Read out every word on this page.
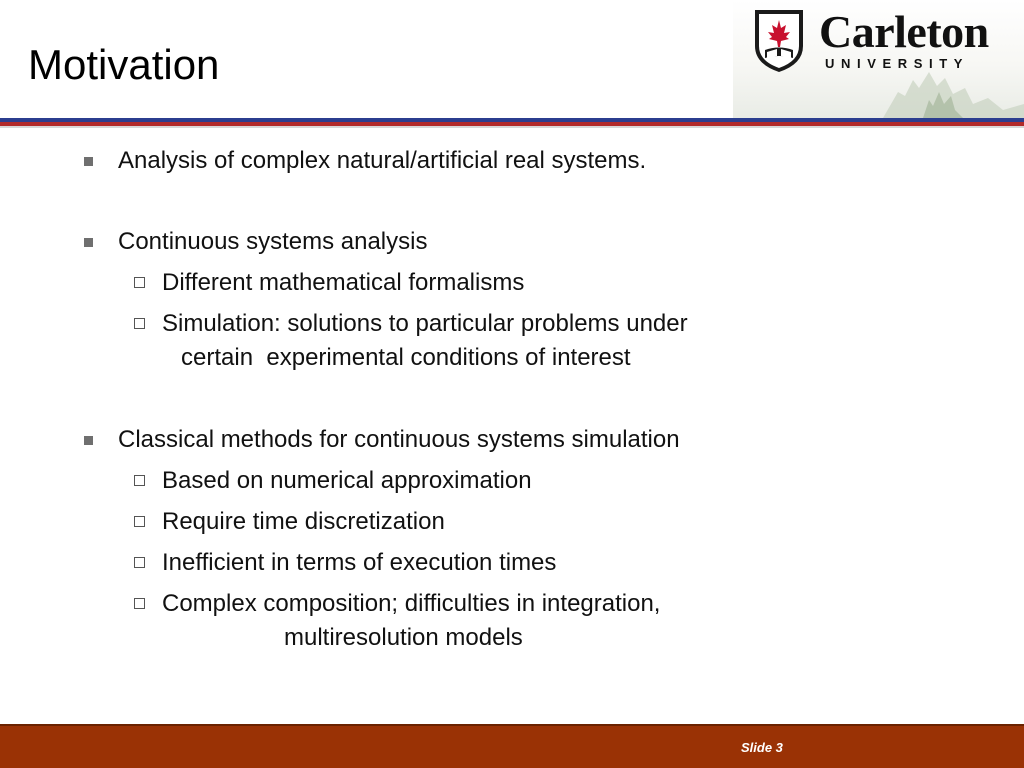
Motivation
Carleton
UNIVERSITY
Analysis of complex natural/artificial real systems.
Continuous systems analysis
Different mathematical formalisms
Simulation: solutions to particular problems under
certain  experimental conditions of interest
Classical methods for continuous systems simulation
Based on numerical approximation
Require time discretization
Inefficient in terms of execution times
Complex composition; difficulties in integration,
multiresolution models
Slide 3
